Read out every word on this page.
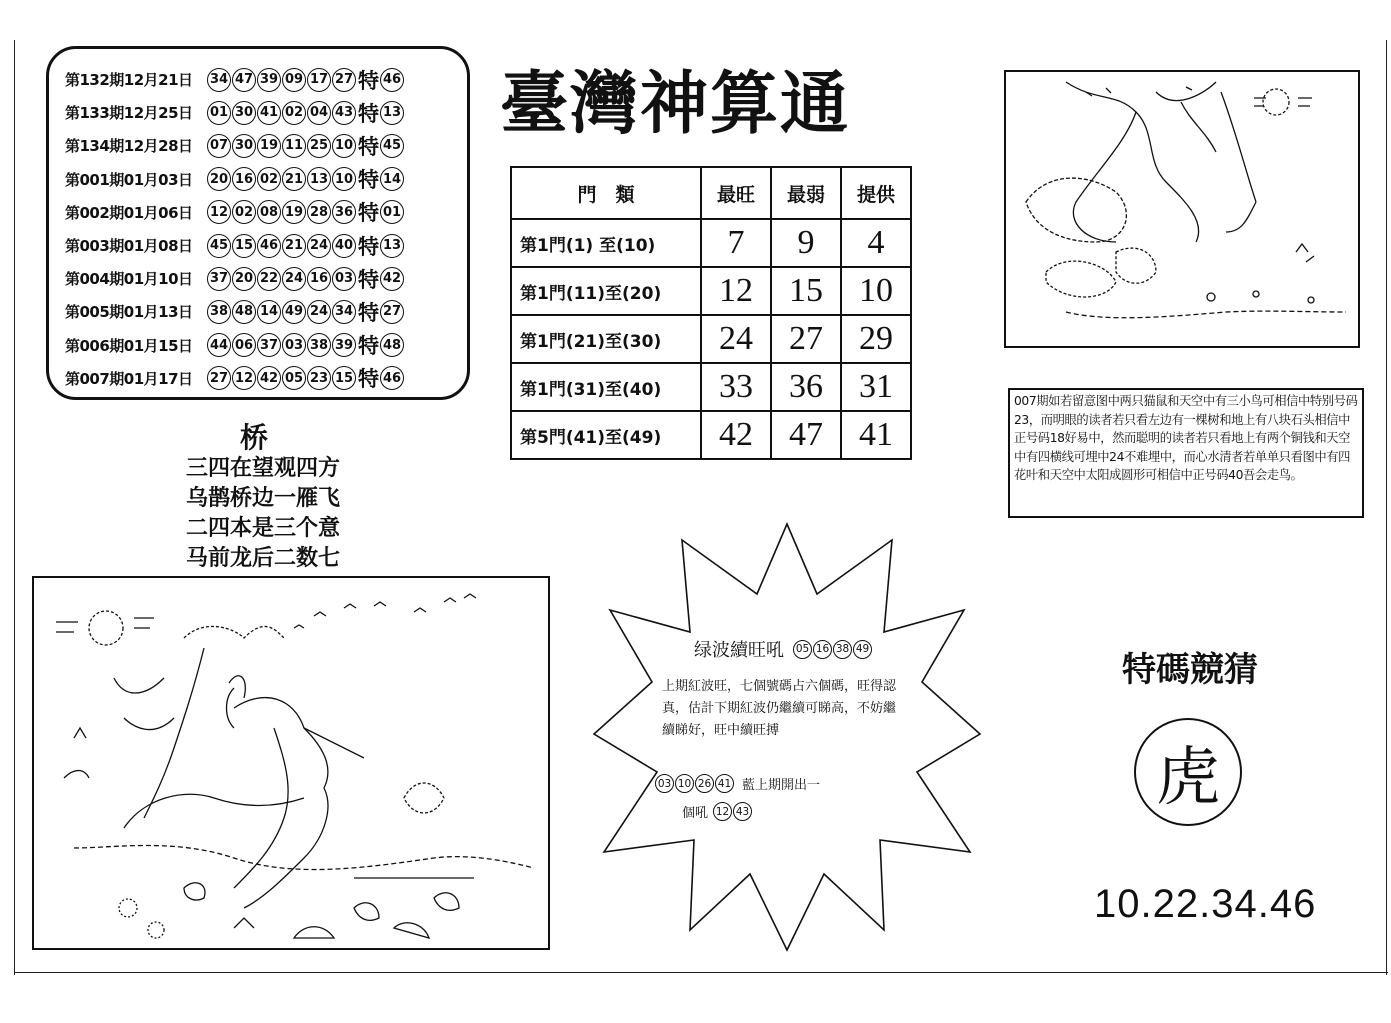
第132期12月21日	34 47 39 09 17 27 特 46
第133期12月25日	01 30 41 02 04 43 特 13
第134期12月28日	07 30 19 11 25 10 特 45
第001期01月03日	20 16 02 21 13 10 特 14
第002期01月06日	12 02 08 19 28 36 特 01
第003期01月08日	45 15 46 21 24 40 特 13
第004期01月10日	37 20 22 24 16 03 特 42
第005期01月13日	38 48 14 49 24 34 特 27
第006期01月15日	44 06 37 03 38 39 特 48
第007期01月17日	27 12 42 05 23 15 特 46
臺灣神算通
門　類	最旺	最弱	提供
第1門(1) 至(10)	7	9	4
第1門(11)至(20)	12	15	10
第1門(21)至(30)	24	27	29
第1門(31)至(40)	33	36	31
第5門(41)至(49)	42	47	41
桥
三四在望观四方
乌鹊桥边一雁飞
二四本是三个意
马前龙后二数七
007期如若留意图中两只猫鼠和天空中有三小鸟可相信中特别号码23，而明眼的读者若只看左边有一棵树和地上有八块石头相信中正号码18好易中，然而聪明的读者若只看地上有两个铜钱和天空中有四横线可埋中24不难埋中，而心水清者若单单只看图中有四花叶和天空中太阳成圆形可相信中正号码40吾会走鸟。
绿波續旺吼 05 16 38 49
上期紅波旺，七個號碼占六個碼，旺得認真，估計下期紅波仍繼續可睇高，不妨繼續睇好，旺中續旺搏
03 10 26 41 藍上期開出一
個吼 12 43
特碼競猜
虎
10.22.34.46
